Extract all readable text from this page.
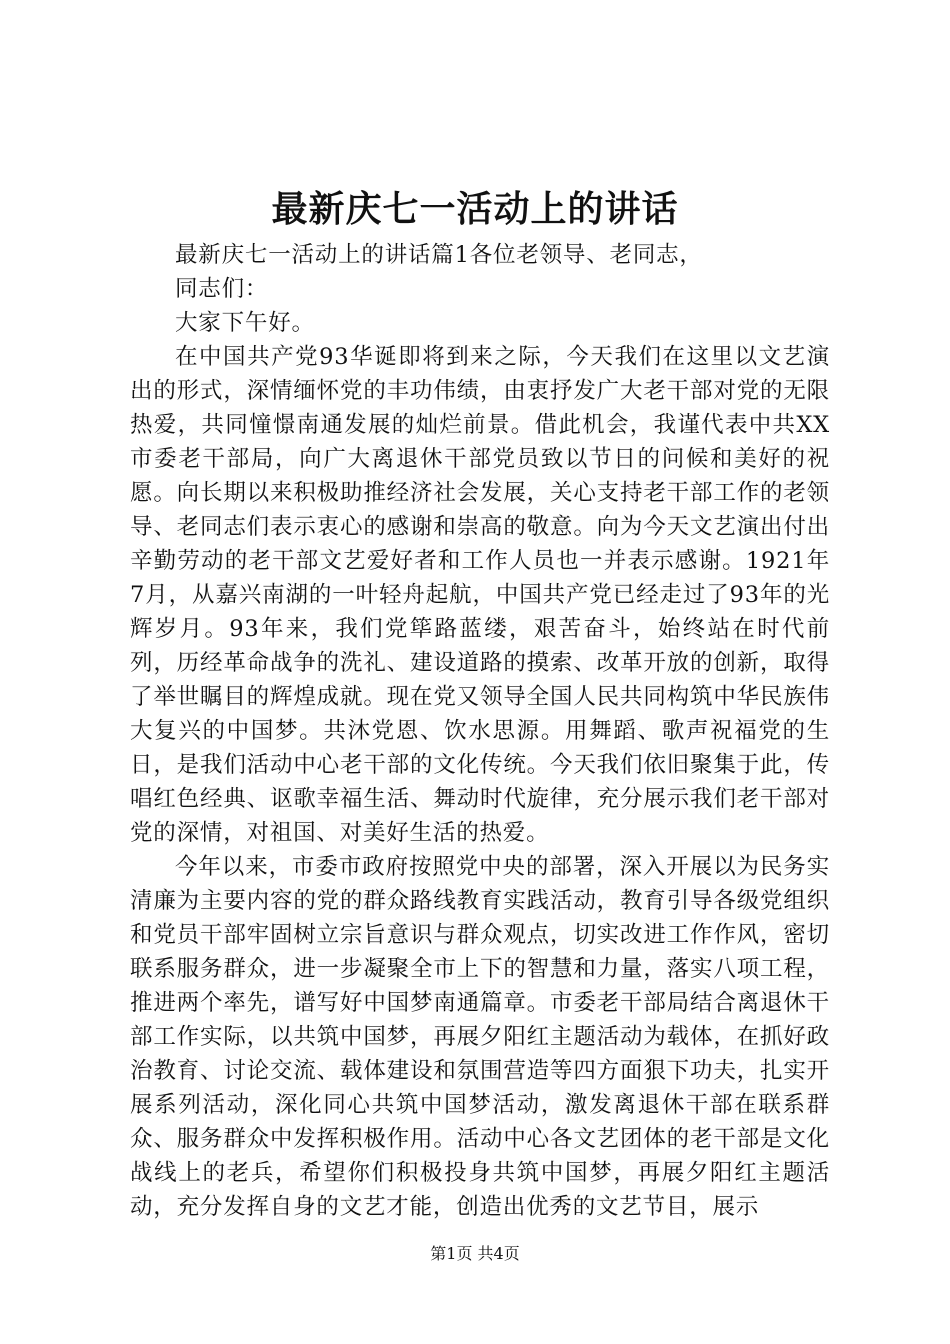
最新庆七一活动上的讲话

最新庆七一活动上的讲话篇1各位老领导、老同志，

同志们：

大家下午好。

在中国共产党93华诞即将到来之际，今天我们在这里以文艺演出的形式，深情缅怀党的丰功伟绩，由衷抒发广大老干部对党的无限热爱，共同憧憬南通发展的灿烂前景。借此机会，我谨代表中共XX市委老干部局，向广大离退休干部党员致以节日的问候和美好的祝愿。向长期以来积极助推经济社会发展，关心支持老干部工作的老领导、老同志们表示衷心的感谢和崇高的敬意。向为今天文艺演出付出辛勤劳动的老干部文艺爱好者和工作人员也一并表示感谢。1921年7月，从嘉兴南湖的一叶轻舟起航，中国共产党已经走过了93年的光辉岁月。93年来，我们党筚路蓝缕，艰苦奋斗，始终站在时代前列，历经革命战争的洗礼、建设道路的摸索、改革开放的创新，取得了举世瞩目的辉煌成就。现在党又领导全国人民共同构筑中华民族伟大复兴的中国梦。共沐党恩、饮水思源。用舞蹈、歌声祝福党的生日，是我们活动中心老干部的文化传统。今天我们依旧聚集于此，传唱红色经典、讴歌幸福生活、舞动时代旋律，充分展示我们老干部对党的深情，对祖国、对美好生活的热爱。

今年以来，市委市政府按照党中央的部署，深入开展以为民务实清廉为主要内容的党的群众路线教育实践活动，教育引导各级党组织和党员干部牢固树立宗旨意识与群众观点，切实改进工作作风，密切联系服务群众，进一步凝聚全市上下的智慧和力量，落实八项工程，推进两个率先，谱写好中国梦南通篇章。市委老干部局结合离退休干部工作实际，以共筑中国梦，再展夕阳红主题活动为载体，在抓好政治教育、讨论交流、载体建设和氛围营造等四方面狠下功夫，扎实开展系列活动，深化同心共筑中国梦活动，激发离退休干部在联系群众、服务群众中发挥积极作用。活动中心各文艺团体的老干部是文化战线上的老兵，希望你们积极投身共筑中国梦，再展夕阳红主题活动，充分发挥自身的文艺才能，创造出优秀的文艺节目，展示

第1页 共4页
